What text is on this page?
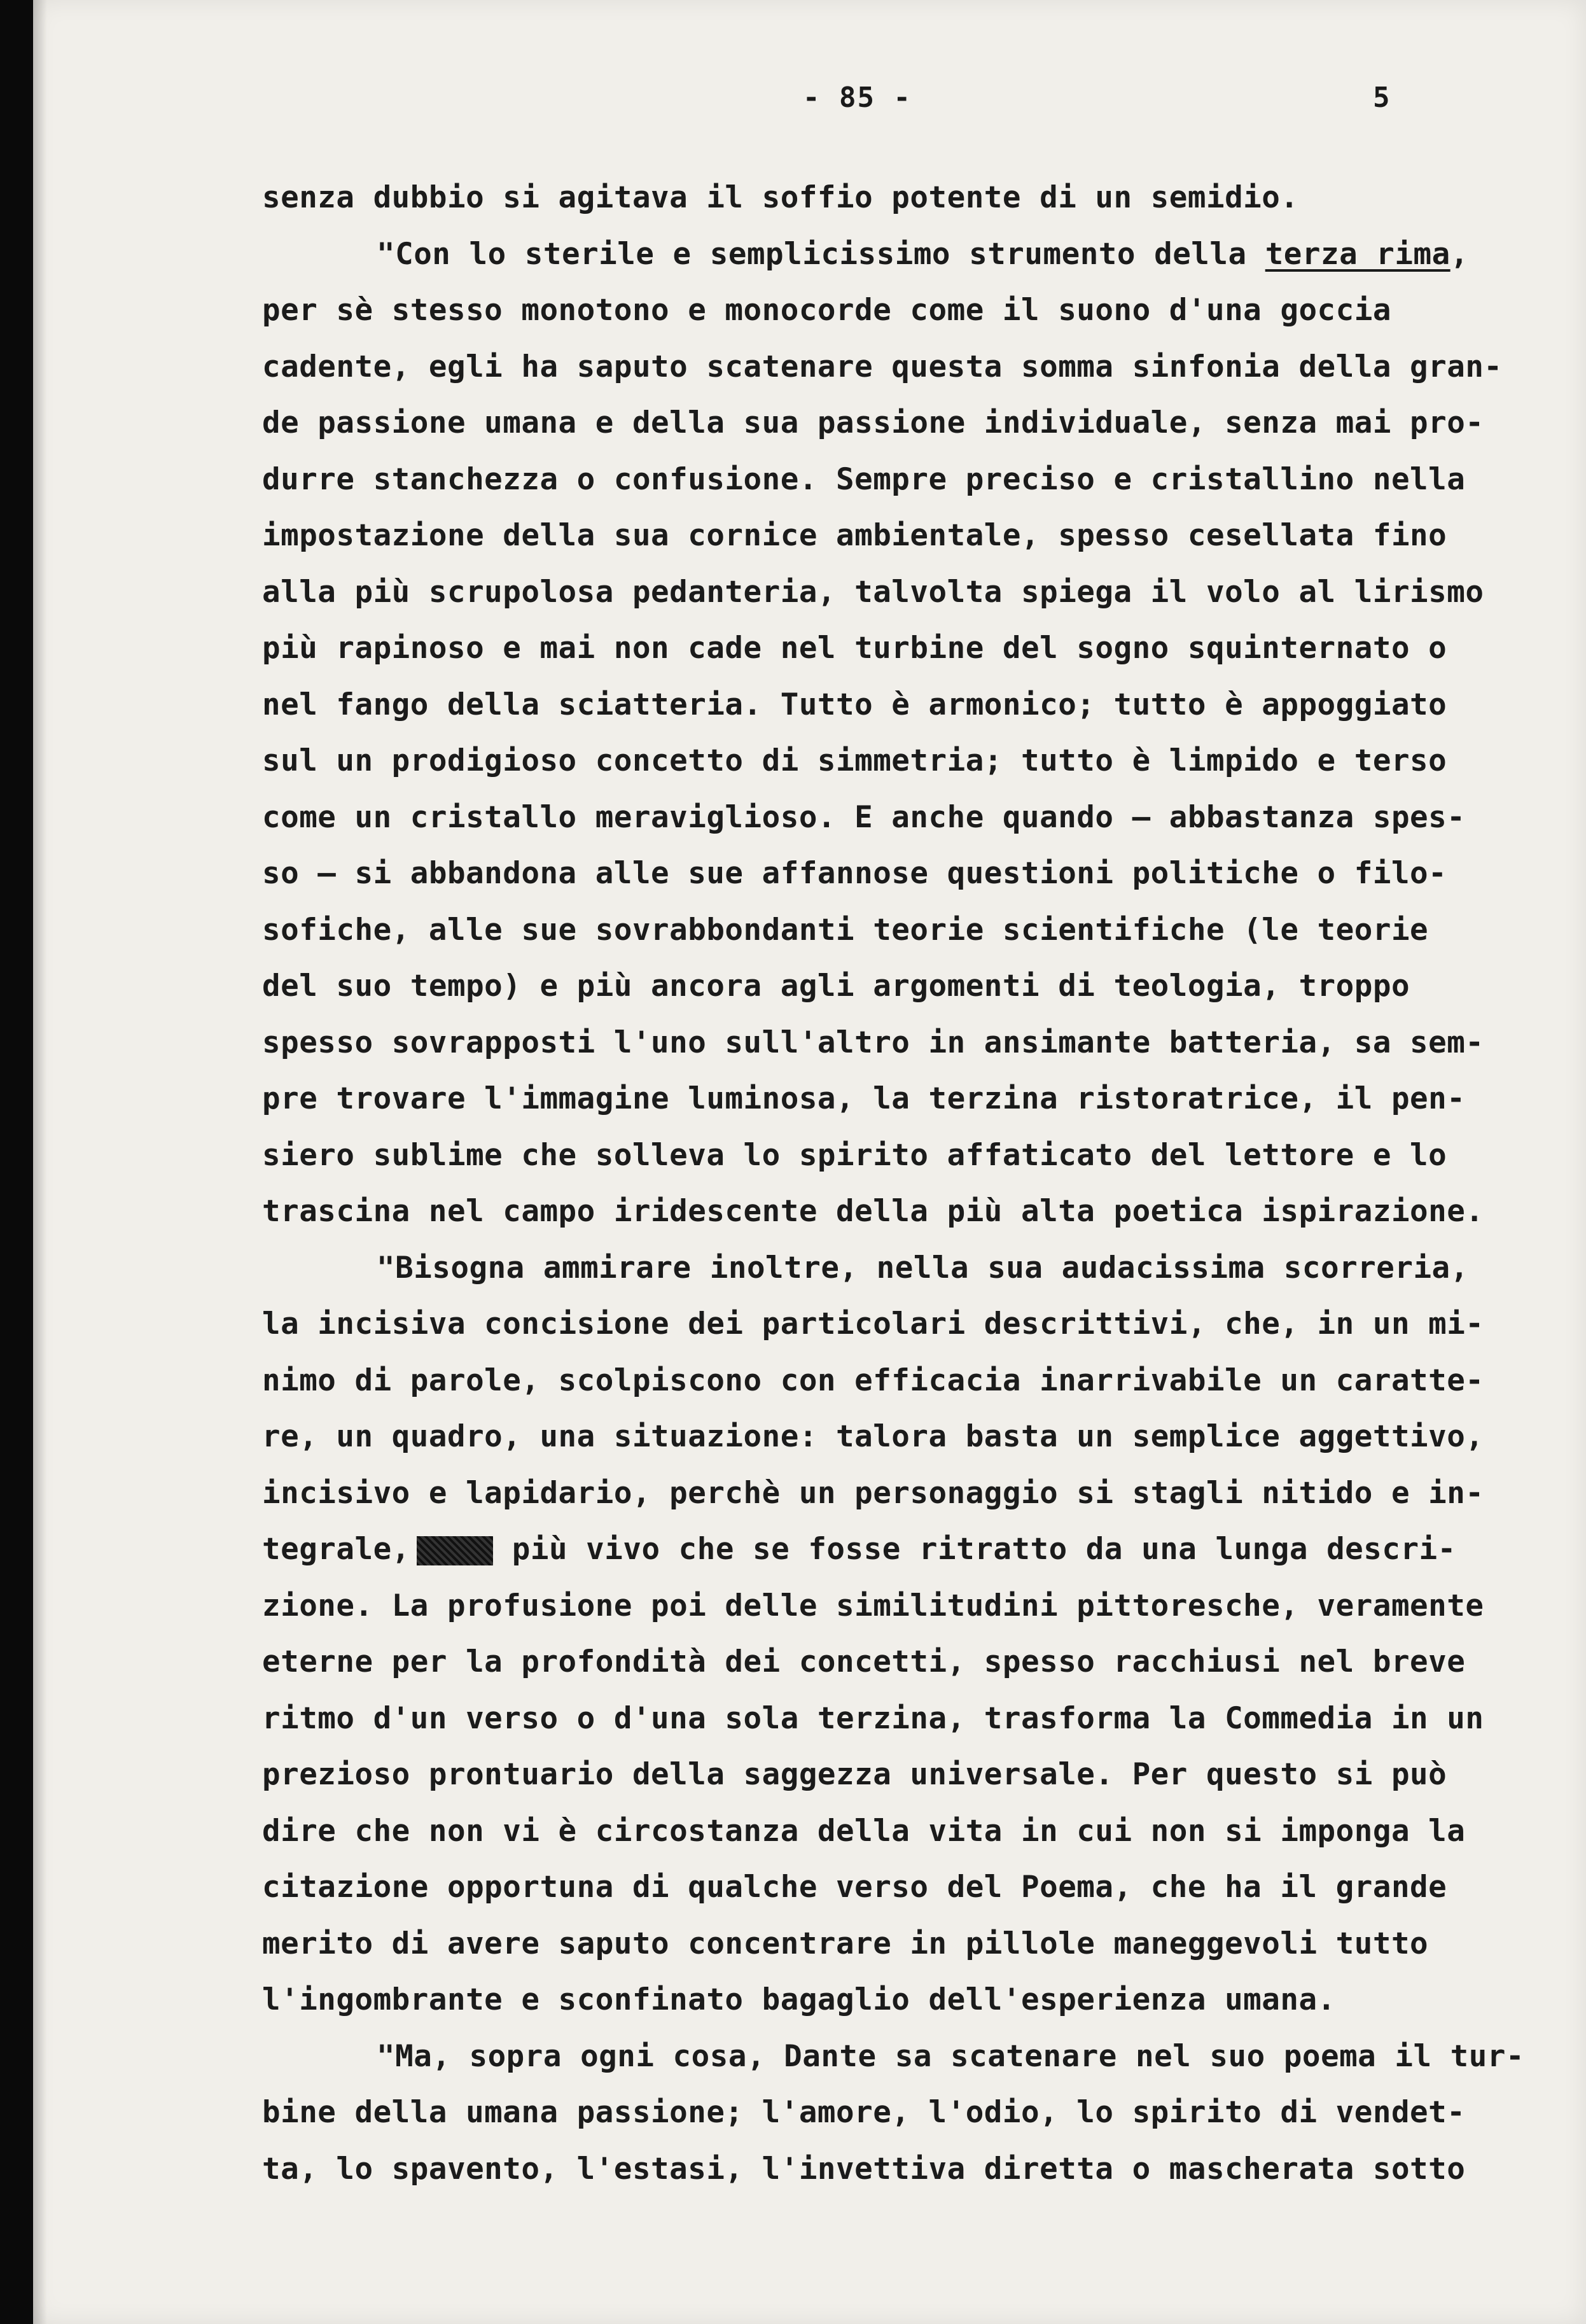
- 85 -	5
senza dubbio si agitava il soffio potente di un semidio.
"Con lo sterile e semplicissimo strumento della terza rima,
per sè stesso monotono e monocorde come il suono d'una goccia
cadente, egli ha saputo scatenare questa somma sinfonia della gran-
de passione umana e della sua passione individuale, senza mai pro-
durre stanchezza o confusione. Sempre preciso e cristallino nella
impostazione della sua cornice ambientale, spesso cesellata fino
alla più scrupolosa pedanteria, talvolta spiega il volo al lirismo
più rapinoso e mai non cade nel turbine del sogno squinternato o
nel fango della sciatteria. Tutto è armonico; tutto è appoggiato
sul un prodigioso concetto di simmetria; tutto è limpido e terso
come un cristallo meraviglioso. E anche quando — abbastanza spes-
so — si abbandona alle sue affannose questioni politiche o filo-
sofiche, alle sue sovrabbondanti teorie scientifiche (le teorie
del suo tempo) e più ancora agli argomenti di teologia, troppo
spesso sovrapposti l'uno sull'altro in ansimante batteria, sa sem-
pre trovare l'immagine luminosa, la terzina ristoratrice, il pen-
siero sublime che solleva lo spirito affaticato del lettore e lo
trascina nel campo iridescente della più alta poetica ispirazione.
"Bisogna ammirare inoltre, nella sua audacissima scorreria,
la incisiva concisione dei particolari descrittivi, che, in un mi-
nimo di parole, scolpiscono con efficacia inarrivabile un caratte-
re, un quadro, una situazione: talora basta un semplice aggettivo,
incisivo e lapidario, perchè un personaggio si stagli nitido e in-
tegrale,	più vivo che se fosse ritratto da una lunga descri-
zione. La profusione poi delle similitudini pittoresche, veramente
eterne per la profondità dei concetti, spesso racchiusi nel breve
ritmo d'un verso o d'una sola terzina, trasforma la Commedia in un
prezioso prontuario della saggezza universale. Per questo si può
dire che non vi è circostanza della vita in cui non si imponga la
citazione opportuna di qualche verso del Poema, che ha il grande
merito di avere saputo concentrare in pillole maneggevoli tutto
l'ingombrante e sconfinato bagaglio dell'esperienza umana.
"Ma, sopra ogni cosa, Dante sa scatenare nel suo poema il tur-
bine della umana passione; l'amore, l'odio, lo spirito di vendet-
ta, lo spavento, l'estasi, l'invettiva diretta o mascherata sotto
